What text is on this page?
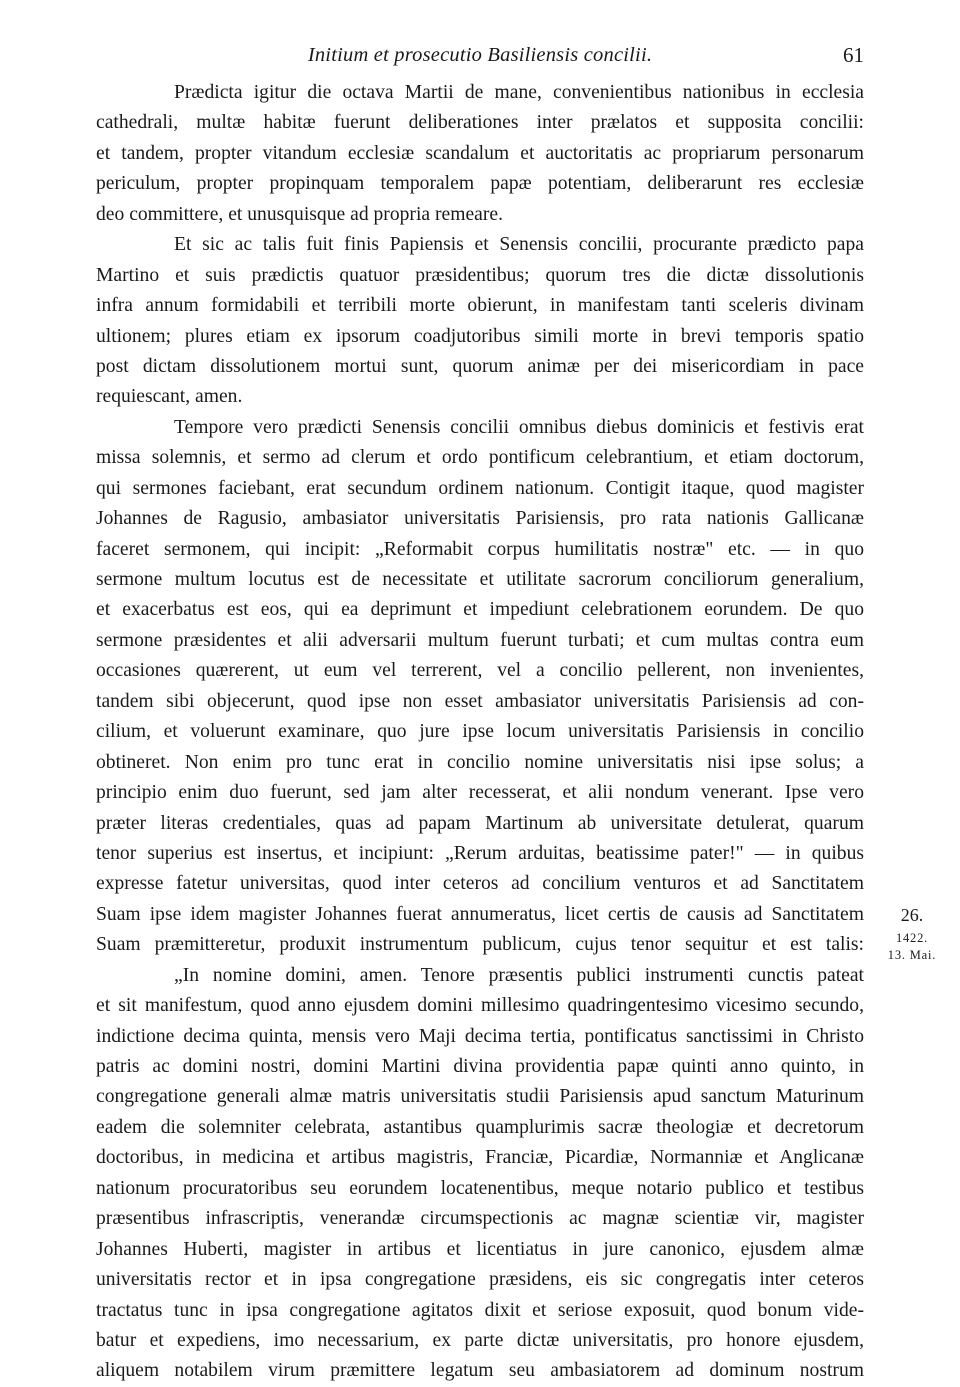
Initium et prosecutio Basiliensis concilii.	61
Prædicta igitur die octava Martii de mane, convenientibus nationibus in ecclesia
cathedrali, multæ habitæ fuerunt deliberationes inter prælatos et supposita concilii:
et tandem, propter vitandum ecclesiæ scandalum et auctoritatis ac propriarum personarum
periculum, propter propinquam temporalem papæ potentiam, deliberarunt res ecclesiæ
deo committere, et unusquisque ad propria remeare.
Et sic ac talis fuit finis Papiensis et Senensis concilii, procurante prædicto papa
Martino et suis prædictis quatuor præsidentibus; quorum tres die dictæ dissolutionis
infra annum formidabili et terribili morte obierunt, in manifestam tanti sceleris divinam
ultionem; plures etiam ex ipsorum coadjutoribus simili morte in brevi temporis spatio
post dictam dissolutionem mortui sunt, quorum animæ per dei misericordiam in pace
requiescant, amen.
Tempore vero prædicti Senensis concilii omnibus diebus dominicis et festivis erat
missa solemnis, et sermo ad clerum et ordo pontificum celebrantium, et etiam doctorum,
qui sermones faciebant, erat secundum ordinem nationum. Contigit itaque, quod magister
Johannes de Ragusio, ambasiator universitatis Parisiensis, pro rata nationis Gallicanæ
faceret sermonem, qui incipit: „Reformabit corpus humilitatis nostræ" etc. — in quo
sermone multum locutus est de necessitate et utilitate sacrorum conciliorum generalium,
et exacerbatus est eos, qui ea deprimunt et impediunt celebrationem eorundem. De quo
sermone præsidentes et alii adversarii multum fuerunt turbati; et cum multas contra eum
occasiones quærerent, ut eum vel terrerent, vel a concilio pellerent, non invenientes,
tandem sibi objecerunt, quod ipse non esset ambasiator universitatis Parisiensis ad con-
cilium, et voluerunt examinare, quo jure ipse locum universitatis Parisiensis in concilio
obtineret. Non enim pro tunc erat in concilio nomine universitatis nisi ipse solus; a
principio enim duo fuerunt, sed jam alter recesserat, et alii nondum venerant. Ipse vero
præter literas credentiales, quas ad papam Martinum ab universitate detulerat, quarum
tenor superius est insertus, et incipiunt: „Rerum arduitas, beatissime pater!" — in quibus
expresse fatetur universitas, quod inter ceteros ad concilium venturos et ad Sanctitatem
Suam ipse idem magister Johannes fuerat annumeratus, licet certis de causis ad Sanctitatem
Suam præmitteretur, produxit instrumentum publicum, cujus tenor sequitur et est talis:
„In nomine domini, amen. Tenore præsentis publici instrumenti cunctis pateat
et sit manifestum, quod anno ejusdem domini millesimo quadringentesimo vicesimo secundo,
indictione decima quinta, mensis vero Maji decima tertia, pontificatus sanctissimi in Christo
patris ac domini nostri, domini Martini divina providentia papæ quinti anno quinto, in
congregatione generali almæ matris universitatis studii Parisiensis apud sanctum Maturinum
eadem die solemniter celebrata, astantibus quamplurimis sacræ theologiæ et decretorum
doctoribus, in medicina et artibus magistris, Franciæ, Picardiæ, Normanniæ et Anglicanæ
nationum procuratoribus seu eorundem locatenentibus, meque notario publico et testibus
præsentibus infrascriptis, venerandæ circumspectionis ac magnæ scientiæ vir, magister
Johannes Huberti, magister in artibus et licentiatus in jure canonico, ejusdem almæ
universitatis rector et in ipsa congregatione præsidens, eis sic congregatis inter ceteros
tractatus tunc in ipsa congregatione agitatos dixit et seriose exposuit, quod bonum vide-
batur et expediens, imo necessarium, ex parte dictæ universitatis, pro honore ejusdem,
aliquem notabilem virum præmittere legatum seu ambasiatorem ad dominum nostrum
26.
1422.
13. Mai.
